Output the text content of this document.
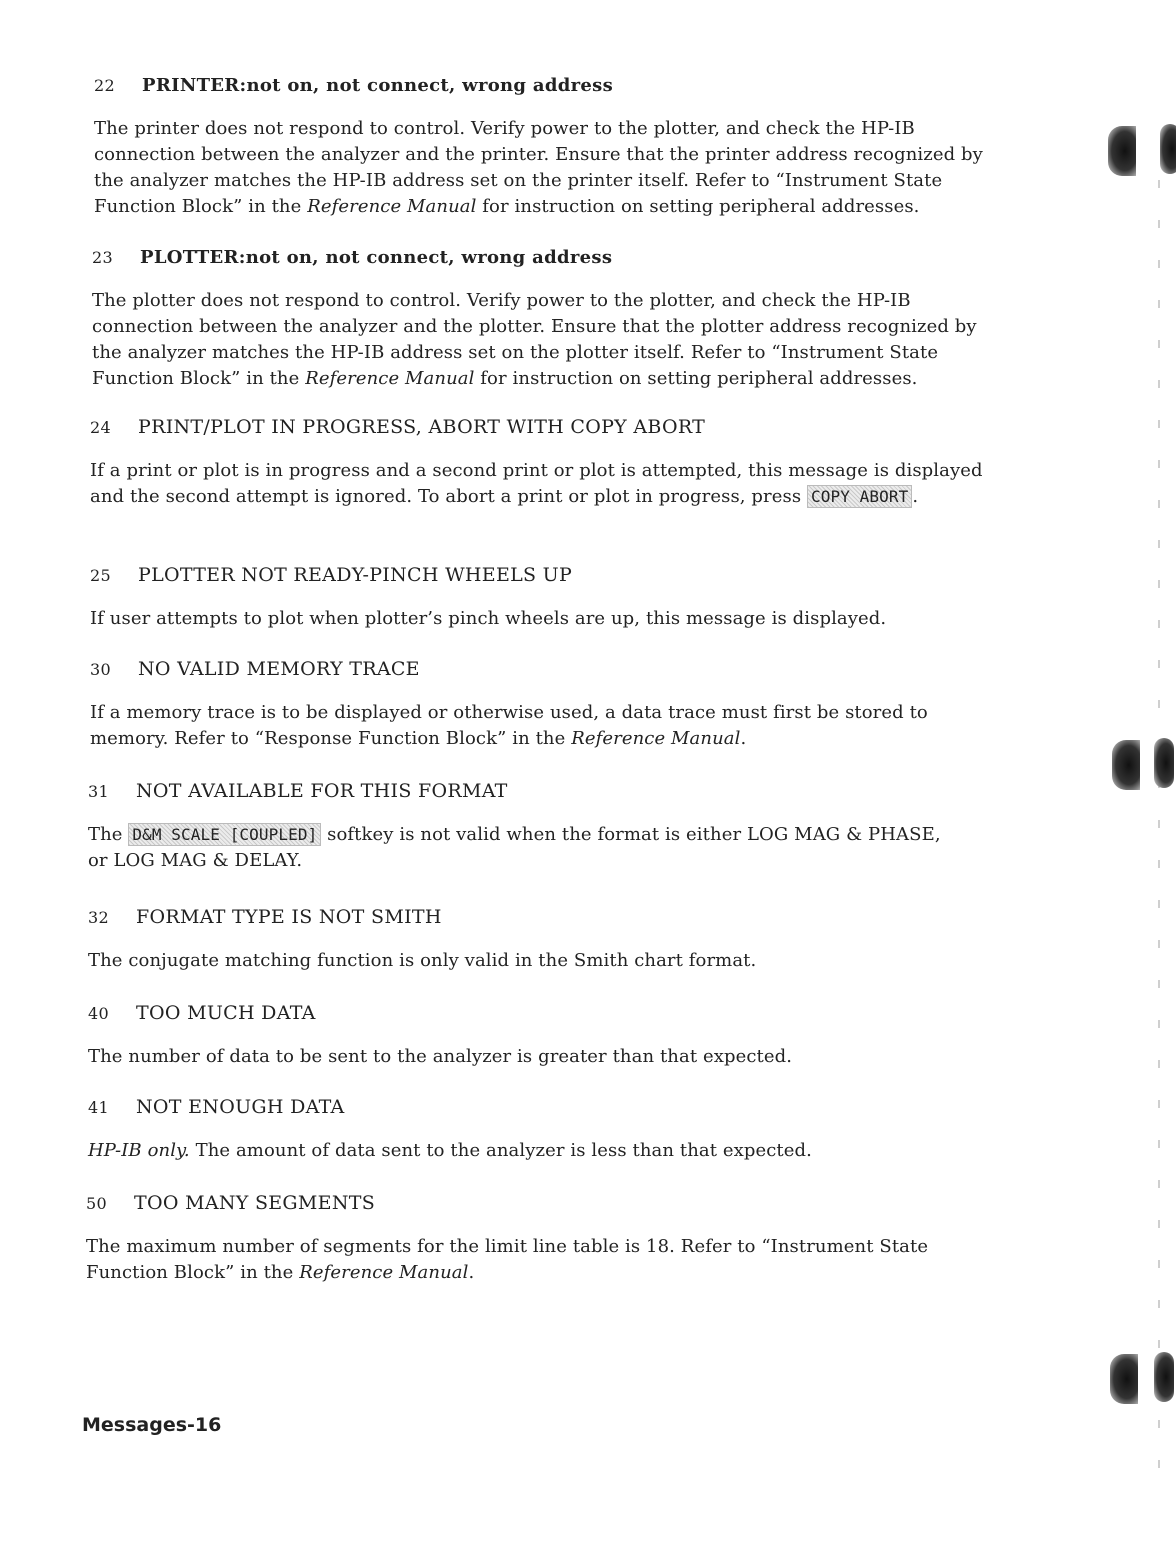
22 PRINTER:not on, not connect, wrong address

The printer does not respond to control. Verify power to the plotter, and check the HP-IB connection between the analyzer and the printer. Ensure that the printer address recognized by the analyzer matches the HP-IB address set on the printer itself. Refer to “Instrument State Function Block” in the Reference Manual for instruction on setting peripheral addresses.

23 PLOTTER:not on, not connect, wrong address

The plotter does not respond to control. Verify power to the plotter, and check the HP-IB connection between the analyzer and the plotter. Ensure that the plotter address recognized by the analyzer matches the HP-IB address set on the plotter itself. Refer to “Instrument State Function Block” in the Reference Manual for instruction on setting peripheral addresses.

24 PRINT/PLOT IN PROGRESS, ABORT WITH COPY ABORT

If a print or plot is in progress and a second print or plot is attempted, this message is displayed and the second attempt is ignored. To abort a print or plot in progress, press COPY ABORT .

25 PLOTTER NOT READY-PINCH WHEELS UP

If user attempts to plot when plotter’s pinch wheels are up, this message is displayed.

30 NO VALID MEMORY TRACE

If a memory trace is to be displayed or otherwise used, a data trace must first be stored to memory. Refer to “Response Function Block” in the Reference Manual.

31 NOT AVAILABLE FOR THIS FORMAT

The D&M SCALE [COUPLED] softkey is not valid when the format is either LOG MAG & PHASE, or LOG MAG & DELAY.

32 FORMAT TYPE IS NOT SMITH

The conjugate matching function is only valid in the Smith chart format.

40 TOO MUCH DATA

The number of data to be sent to the analyzer is greater than that expected.

41 NOT ENOUGH DATA

HP-IB only. The amount of data sent to the analyzer is less than that expected.

50 TOO MANY SEGMENTS

The maximum number of segments for the limit line table is 18. Refer to “Instrument State Function Block” in the Reference Manual.

Messages-16
